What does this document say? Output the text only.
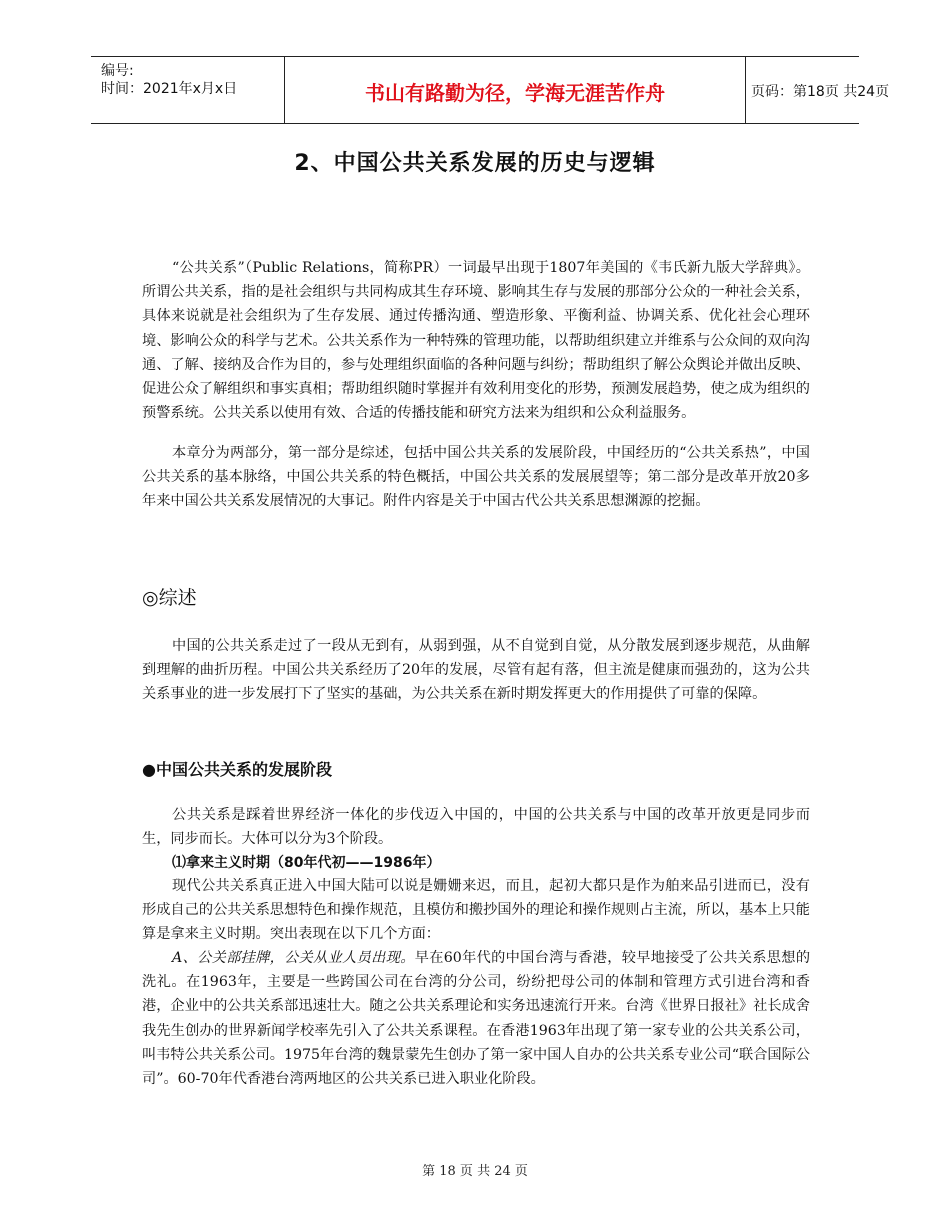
编号:
时间：2021年x月x日	书山有路勤为径，学海无涯苦作舟	页码：第18页 共24页
2、中国公共关系发展的历史与逻辑
“公共关系”（Public Relations，简称PR）一词最早出现于1807年美国的《韦氏新九版大学辞典》。所谓公共关系，指的是社会组织与共同构成其生存环境、影响其生存与发展的那部分公众的一种社会关系，具体来说就是社会组织为了生存发展、通过传播沟通、塑造形象、平衡利益、协调关系、优化社会心理环境、影响公众的科学与艺术。公共关系作为一种特殊的管理功能，以帮助组织建立并维系与公众间的双向沟通、了解、接纳及合作为目的，参与处理组织面临的各种问题与纠纷；帮助组织了解公众舆论并做出反映、促进公众了解组织和事实真相；帮助组织随时掌握并有效利用变化的形势，预测发展趋势，使之成为组织的预警系统。公共关系以使用有效、合适的传播技能和研究方法来为组织和公众利益服务。
本章分为两部分，第一部分是综述，包括中国公共关系的发展阶段，中国经历的“公共关系热”，中国公共关系的基本脉络，中国公共关系的特色概括，中国公共关系的发展展望等；第二部分是改革开放20多年来中国公共关系发展情况的大事记。附件内容是关于中国古代公共关系思想渊源的挖掘。
◎综述
中国的公共关系走过了一段从无到有，从弱到强，从不自觉到自觉，从分散发展到逐步规范，从曲解到理解的曲折历程。中国公共关系经历了20年的发展，尽管有起有落，但主流是健康而强劲的，这为公共关系事业的进一步发展打下了坚实的基础，为公共关系在新时期发挥更大的作用提供了可靠的保障。
●中国公共关系的发展阶段
公共关系是踩着世界经济一体化的步伐迈入中国的，中国的公共关系与中国的改革开放更是同步而生，同步而长。大体可以分为3个阶段。
⑴拿来主义时期（80年代初——1986年）
现代公共关系真正进入中国大陆可以说是姗姗来迟，而且，起初大都只是作为舶来品引进而已，没有形成自己的公共关系思想特色和操作规范，且模仿和搬抄国外的理论和操作规则占主流，所以，基本上只能算是拿来主义时期。突出表现在以下几个方面：
A、公关部挂牌，公关从业人员出现。早在60年代的中国台湾与香港，较早地接受了公共关系思想的洗礼。在1963年，主要是一些跨国公司在台湾的分公司，纷纷把母公司的体制和管理方式引进台湾和香港，企业中的公共关系部迅速壮大。随之公共关系理论和实务迅速流行开来。台湾《世界日报社》社长成舍我先生创办的世界新闻学校率先引入了公共关系课程。在香港1963年出现了第一家专业的公共关系公司，叫韦特公共关系公司。1975年台湾的魏景蒙先生创办了第一家中国人自办的公共关系专业公司“联合国际公司”。60-70年代香港台湾两地区的公共关系已进入职业化阶段。
第 18 页 共 24 页
